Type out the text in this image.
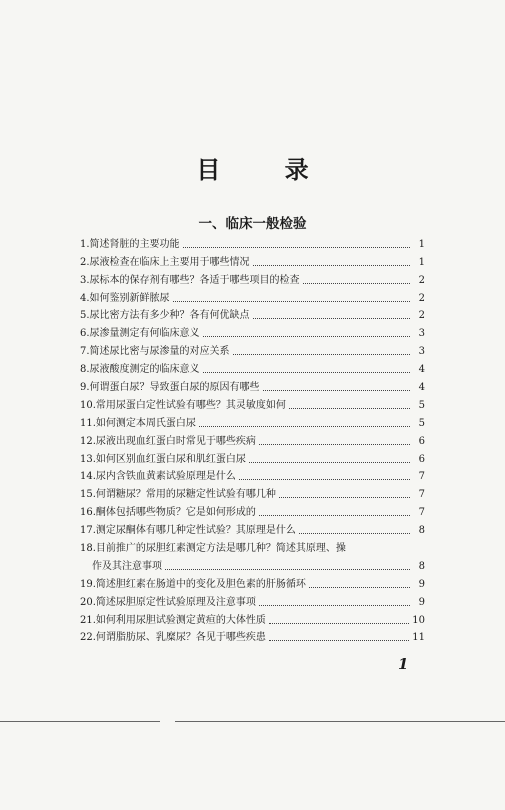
目 录
一、临床一般检验
1.简述肾脏的主要功能	1
2.尿液检查在临床上主要用于哪些情况	1
3.尿标本的保存剂有哪些？各适于哪些项目的检查	2
4.如何鉴别新鲜脓尿	2
5.尿比密方法有多少种？各有何优缺点	2
6.尿渗量测定有何临床意义	3
7.简述尿比密与尿渗量的对应关系	3
8.尿液酸度测定的临床意义	4
9.何谓蛋白尿？导致蛋白尿的原因有哪些	4
10.常用尿蛋白定性试验有哪些？其灵敏度如何	5
11.如何测定本周氏蛋白尿	5
12.尿液出现血红蛋白时常见于哪些疾病	6
13.如何区别血红蛋白尿和肌红蛋白尿	6
14.尿内含铁血黄素试验原理是什么	7
15.何谓糖尿？常用的尿糖定性试验有哪几种	7
16.酮体包括哪些物质？它是如何形成的	7
17.测定尿酮体有哪几种定性试验？其原理是什么	8
18.目前推广的尿胆红素测定方法是哪几种？简述其原理、操
作及其注意事项	8
19.简述胆红素在肠道中的变化及胆色素的肝肠循环	9
20.简述尿胆原定性试验原理及注意事项	9
21.如何利用尿胆试验测定黄疸的大体性质	10
22.何谓脂肪尿、乳糜尿？各见于哪些疾患	11
1
